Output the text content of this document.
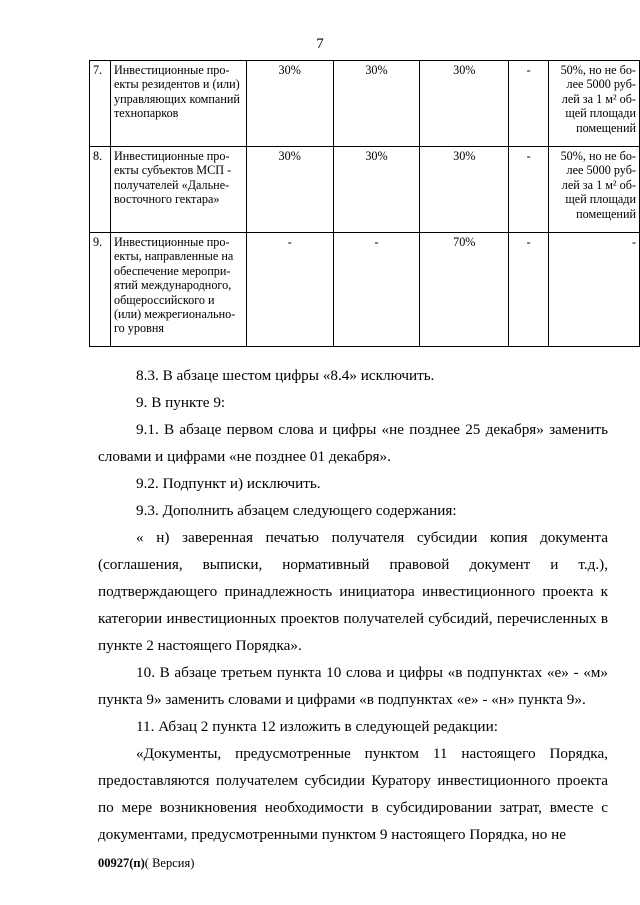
7
7.	Инвестиционные про-екты резидентов и (или) управляющих компаний технопарков	30%	30%	30%	-	50%, но не бо-лее 5000 руб-лей за 1 м² об-щей площади помещений
8.	Инвестиционные про-екты субъектов МСП - получателей «Дальне-восточного гектара»	30%	30%	30%	-	50%, но не бо-лее 5000 руб-лей за 1 м² об-щей площади помещений
9.	Инвестиционные про-екты, направленные на обеспечение меропри-ятий международного, общероссийского и (или) межрегионально-го уровня	-	-	70%	-	-

8.3. В абзаце шестом цифры «8.4» исключить.

9. В пункте 9:

9.1. В абзаце первом слова и цифры «не позднее 25 декабря» заменить словами и цифрами «не позднее 01 декабря».

9.2. Подпункт и) исключить.

9.3. Дополнить абзацем следующего содержания:

« н) заверенная печатью получателя субсидии копия документа (соглашения, выписки, нормативный правовой документ и т.д.), подтверждающего принадлежность инициатора инвестиционного проекта к категории инвестиционных проектов получателей субсидий, перечисленных в пункте 2 настоящего Порядка».

10. В абзаце третьем пункта 10 слова и цифры «в подпунктах «е» - «м» пункта 9» заменить словами и цифрами «в подпунктах «е» - «н» пункта 9».

11. Абзац 2 пункта 12 изложить в следующей редакции:

«Документы, предусмотренные пунктом 11 настоящего Порядка, предоставляются получателем субсидии Куратору инвестиционного проекта по мере возникновения необходимости в субсидировании затрат, вместе с документами, предусмотренными пунктом 9 настоящего Порядка, но не

00927(п)( Версия)
